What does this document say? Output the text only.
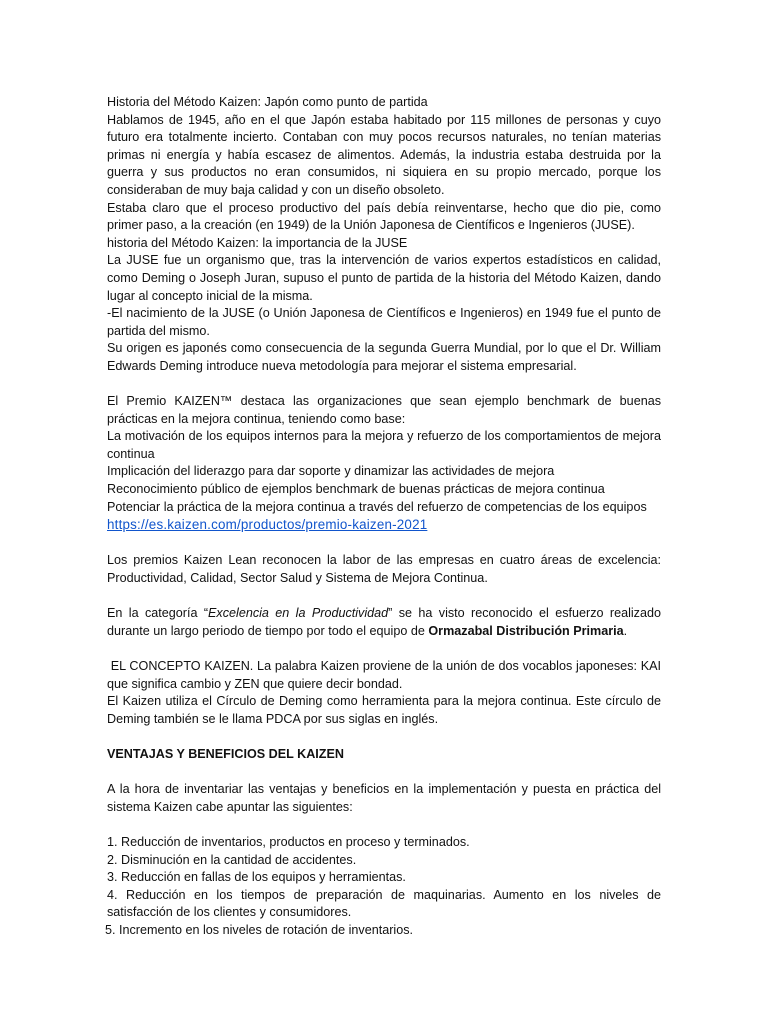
Historia del Método Kaizen: Japón como punto de partida

Hablamos de 1945, año en el que Japón estaba habitado por 115 millones de personas y cuyo futuro era totalmente incierto. Contaban con muy pocos recursos naturales, no tenían materias primas ni energía y había escasez de alimentos. Además, la industria estaba destruida por la guerra y sus productos no eran consumidos, ni siquiera en su propio mercado, porque los consideraban de muy baja calidad y con un diseño obsoleto.

Estaba claro que el proceso productivo del país debía reinventarse, hecho que dio pie, como primer paso, a la creación (en 1949) de la Unión Japonesa de Científicos e Ingenieros (JUSE).

historia del Método Kaizen: la importancia de la JUSE

La JUSE fue un organismo que, tras la intervención de varios expertos estadísticos en calidad, como Deming o Joseph Juran, supuso el punto de partida de la historia del Método Kaizen, dando lugar al concepto inicial de la misma.

-El nacimiento de la JUSE (o Unión Japonesa de Científicos e Ingenieros) en 1949 fue el punto de partida del mismo.

Su origen es japonés como consecuencia de la segunda Guerra Mundial, por lo que el Dr. William Edwards Deming introduce nueva metodología para mejorar el sistema empresarial.

El Premio KAIZEN™ destaca las organizaciones que sean ejemplo benchmark de buenas prácticas en la mejora continua, teniendo como base:

La motivación de los equipos internos para la mejora y refuerzo de los comportamientos de mejora continua

Implicación del liderazgo para dar soporte y dinamizar las actividades de mejora

Reconocimiento público de ejemplos benchmark de buenas prácticas de mejora continua

Potenciar la práctica de la mejora continua a través del refuerzo de competencias de los equipos

https://es.kaizen.com/productos/premio-kaizen-2021

Los premios Kaizen Lean reconocen la labor de las empresas en cuatro áreas de excelencia: Productividad, Calidad, Sector Salud y Sistema de Mejora Continua.

En la categoría “Excelencia en la Productividad” se ha visto reconocido el esfuerzo realizado durante un largo periodo de tiempo por todo el equipo de Ormazabal Distribución Primaria.

EL CONCEPTO KAIZEN. La palabra Kaizen proviene de la unión de dos vocablos japoneses: KAI que significa cambio y ZEN que quiere decir bondad.

El Kaizen utiliza el Círculo de Deming como herramienta para la mejora continua. Este círculo de Deming también se le llama PDCA por sus siglas en inglés.

VENTAJAS Y BENEFICIOS DEL KAIZEN

A la hora de inventariar las ventajas y beneficios en la implementación y puesta en práctica del sistema Kaizen cabe apuntar las siguientes:

1. Reducción de inventarios, productos en proceso y terminados.

2. Disminución en la cantidad de accidentes.

3. Reducción en fallas de los equipos y herramientas.

4. Reducción en los tiempos de preparación de maquinarias. Aumento en los niveles de satisfacción de los clientes y consumidores.

5. Incremento en los niveles de rotación de inventarios.
